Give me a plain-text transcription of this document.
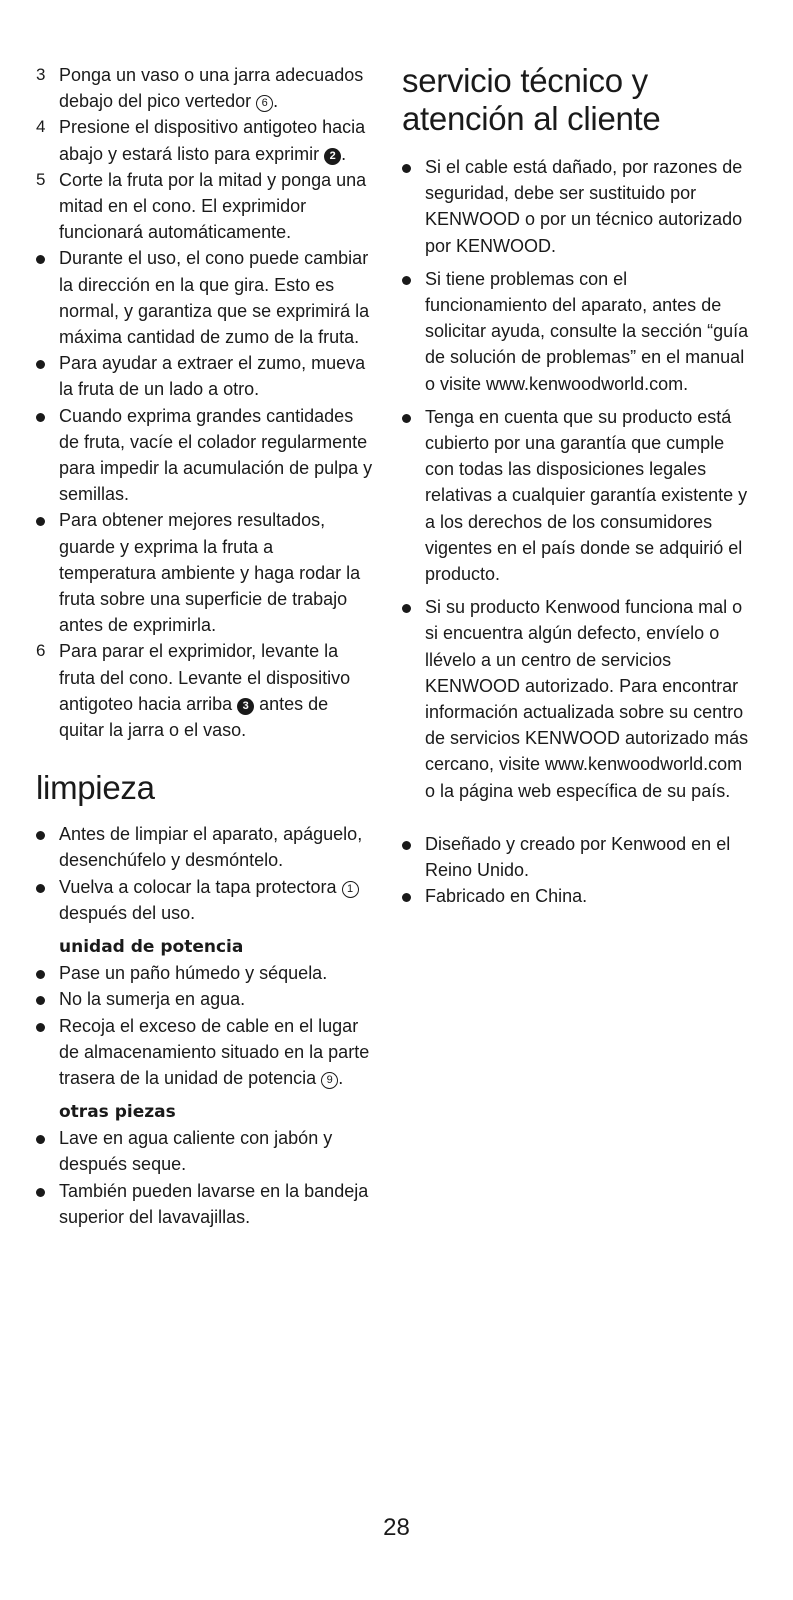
3 Ponga un vaso o una jarra adecuados debajo del pico vertedor 6 .
4 Presione el dispositivo antigoteo hacia abajo y estará listo para exprimir 2 .
5 Corte la fruta por la mitad y ponga una mitad en el cono. El exprimidor funcionará automáticamente.
Durante el uso, el cono puede cambiar la dirección en la que gira. Esto es normal, y garantiza que se exprimirá la máxima cantidad de zumo de la fruta.
Para ayudar a extraer el zumo, mueva la fruta de un lado a otro.
Cuando exprima grandes cantidades de fruta, vacíe el colador regularmente para impedir la acumulación de pulpa y semillas.
Para obtener mejores resultados, guarde y exprima la fruta a temperatura ambiente y haga rodar la fruta sobre una superficie de trabajo antes de exprimirla.
6 Para parar el exprimidor, levante la fruta del cono. Levante el dispositivo antigoteo hacia arriba 3 antes de quitar la jarra o el vaso.
limpieza
Antes de limpiar el aparato, apáguelo, desenchúfelo y desmóntelo.
Vuelva a colocar la tapa protectora 1 después del uso.
unidad de potencia
Pase un paño húmedo y séquela.
No la sumerja en agua.
Recoja el exceso de cable en el lugar de almacenamiento situado en la parte trasera de la unidad de potencia 9 .
otras piezas
Lave en agua caliente con jabón y después seque.
También pueden lavarse en la bandeja superior del lavavajillas.
servicio técnico y atención al cliente
Si el cable está dañado, por razones de seguridad, debe ser sustituido por KENWOOD o por un técnico autorizado por KENWOOD.
Si tiene problemas con el funcionamiento del aparato, antes de solicitar ayuda, consulte la sección “guía de solución de problemas” en el manual o visite www.kenwoodworld.com.
Tenga en cuenta que su producto está cubierto por una garantía que cumple con todas las disposiciones legales relativas a cualquier garantía existente y a los derechos de los consumidores vigentes en el país donde se adquirió el producto.
Si su producto Kenwood funciona mal o si encuentra algún defecto, envíelo o llévelo a un centro de servicios KENWOOD autorizado. Para encontrar información actualizada sobre su centro de servicios KENWOOD autorizado más cercano, visite www.kenwoodworld.com o la página web específica de su país.
Diseñado y creado por Kenwood en el Reino Unido.
Fabricado en China.
28
